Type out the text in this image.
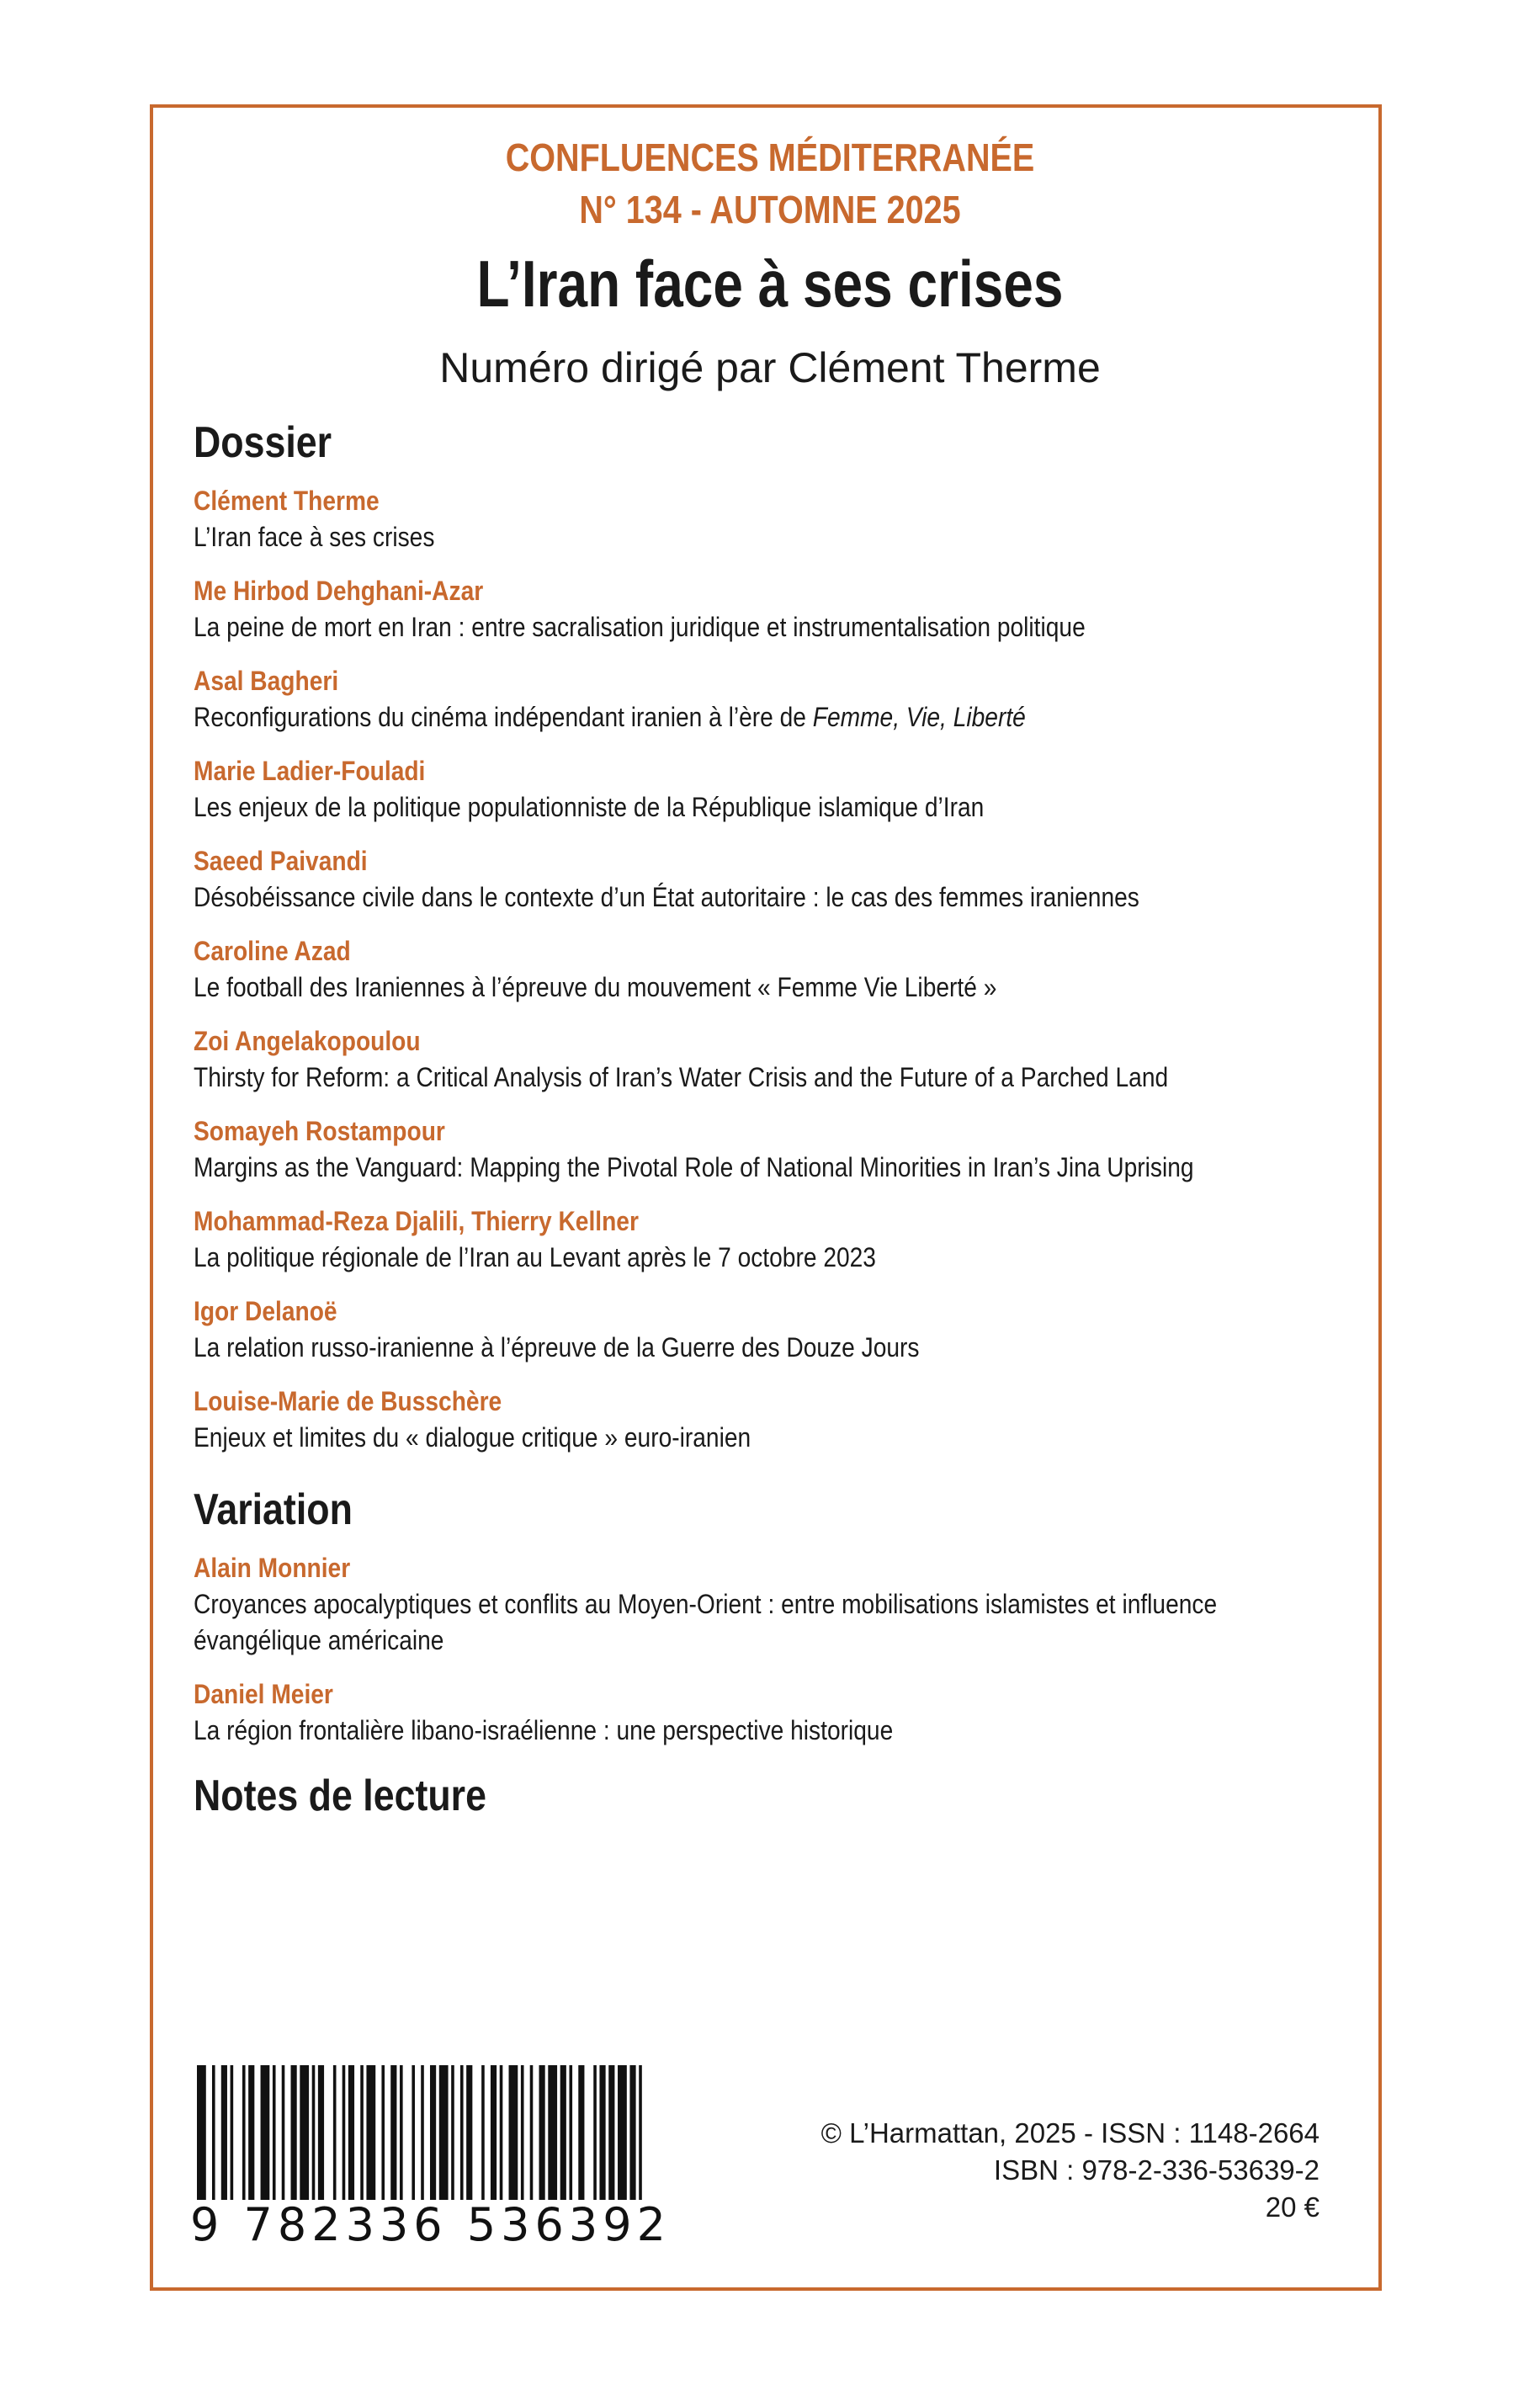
CONFLUENCES MÉDITERRANÉE
N° 134 - AUTOMNE 2025
L’Iran face à ses crises
Numéro dirigé par Clément Therme
Dossier
Clément Therme
L’Iran face à ses crises
Me Hirbod Dehghani-Azar
La peine de mort en Iran : entre sacralisation juridique et instrumentalisation politique
Asal Bagheri
Reconfigurations du cinéma indépendant iranien à l’ère de Femme, Vie, Liberté
Marie Ladier-Fouladi
Les enjeux de la politique populationniste de la République islamique d’Iran
Saeed Paivandi
Désobéissance civile dans le contexte d’un État autoritaire : le cas des femmes iraniennes
Caroline Azad
Le football des Iraniennes à l’épreuve du mouvement « Femme Vie Liberté »
Zoi Angelakopoulou
Thirsty for Reform: a Critical Analysis of Iran’s Water Crisis and the Future of a Parched Land
Somayeh Rostampour
Margins as the Vanguard: Mapping the Pivotal Role of National Minorities in Iran’s Jina Uprising
Mohammad-Reza Djalili, Thierry Kellner
La politique régionale de l’Iran au Levant après le 7 octobre 2023
Igor Delanoë
La relation russo-iranienne à l’épreuve de la Guerre des Douze Jours
Louise-Marie de Busschère
Enjeux et limites du « dialogue critique » euro-iranien
Variation
Alain Monnier
Croyances apocalyptiques et conflits au Moyen-Orient : entre mobilisations islamistes et influence
évangélique américaine
Daniel Meier
La région frontalière libano-israélienne : une perspective historique
Notes de lecture
9 782336 536392
© L’Harmattan, 2025 - ISSN : 1148-2664
ISBN : 978-2-336-53639-2
20 €
